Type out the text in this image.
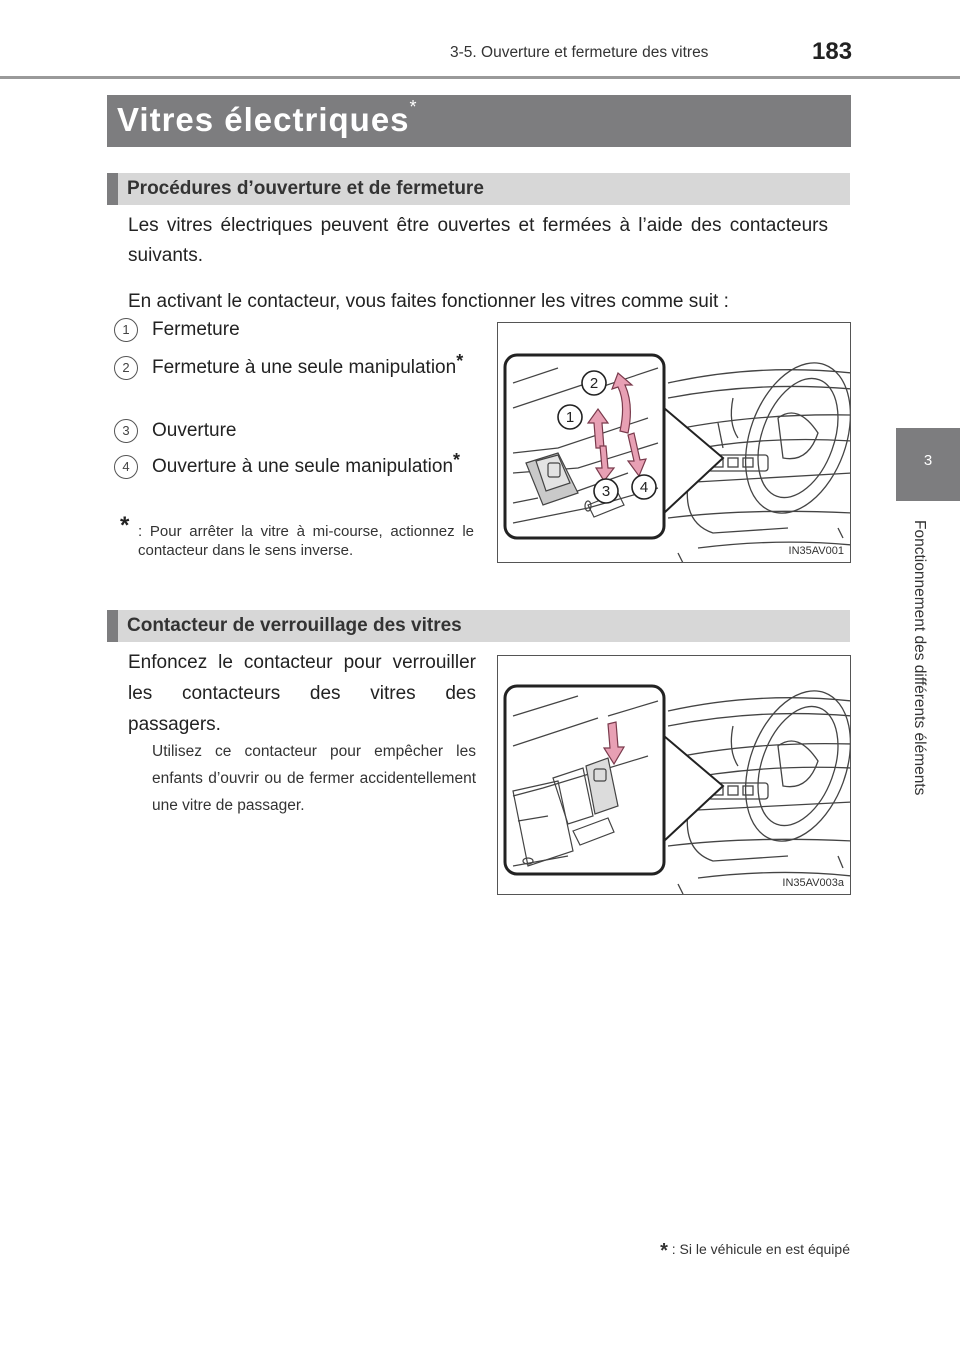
3-5. Ouverture et fermeture des vitres	183
3
Fonctionnement des différents éléments
Vitres électriques*
Procédures d’ouverture et de fermeture
Les vitres électriques peuvent être ouvertes et fermées à l’aide des contacteurs suivants.
En activant le contacteur, vous faites fonctionner les vitres comme suit :
1	Fermeture
2	Fermeture à une seule manipulation*
3	Ouverture
4	Ouverture à une seule manipulation*
* : Pour arrêter la vitre à mi-course, actionnez le contacteur dans le sens inverse.
2
1
3 4
IN35AV001
Contacteur de verrouillage des vitres
Enfoncez le contacteur pour verrouiller les contacteurs des vitres des passagers.
Utilisez ce contacteur pour empêcher les enfants d’ouvrir ou de fermer accidentellement une vitre de passager.
IN35AV003a
* : Si le véhicule en est équipé
